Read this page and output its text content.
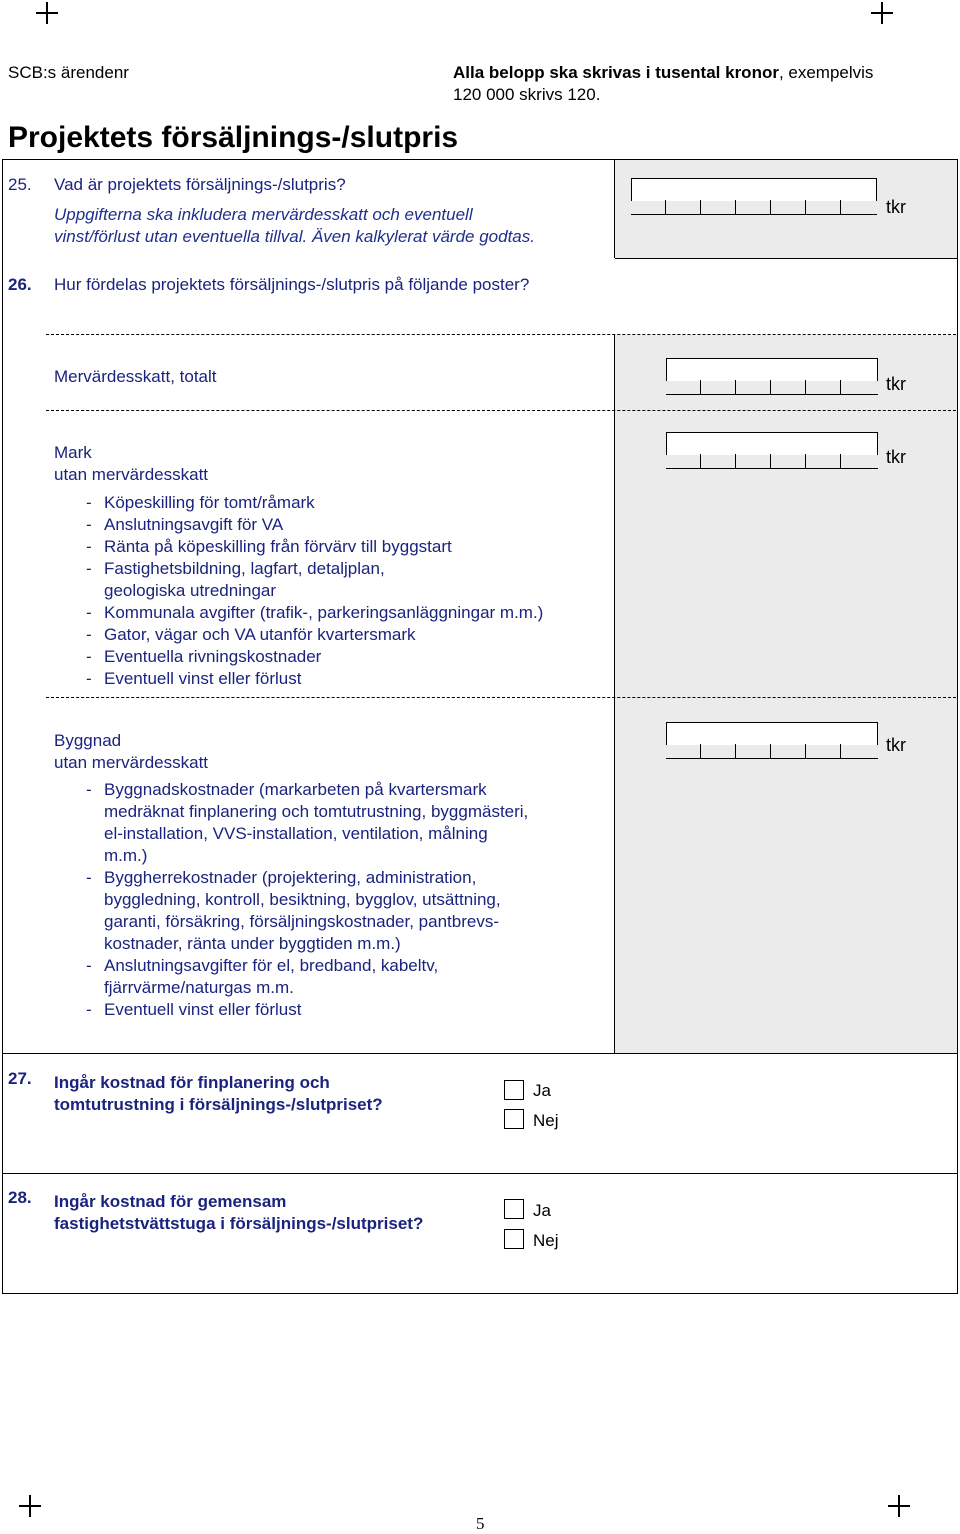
SCB:s ärendenr	Alla belopp ska skrivas i tusental kronor, exempelvis
120 000 skrivs 120.
Projektets försäljnings-/slutpris
25. Vad är projektets försäljnings-/slutpris?
Uppgifterna ska inkludera mervärdesskatt och eventuell
vinst/förlust utan eventuella tillval. Även kalkylerat värde godtas.
tkr
26. Hur fördelas projektets försäljnings-/slutpris på följande poster?
Mervärdesskatt, totalt	tkr
Mark
utan mervärdesskatt
tkr
- Köpeskilling för tomt/råmark
- Anslutningsavgift för VA
- Ränta på köpeskilling från förvärv till byggstart
- Fastighetsbildning, lagfart, detaljplan, geologiska utredningar
- Kommunala avgifter (trafik-, parkeringsanläggningar m.m.)
- Gator, vägar och VA utanför kvartersmark
- Eventuella rivningskostnader
- Eventuell vinst eller förlust
Byggnad
utan mervärdesskatt
tkr
- Byggnadskostnader (markarbeten på kvartersmark medräknat finplanering och tomtutrustning, byggmästeri, el-installation, VVS-installation, ventilation, målning m.m.)
- Byggherrekostnader (projektering, administration, byggledning, kontroll, besiktning, bygglov, utsättning, garanti, försäkring, försäljningskostnader, pantbrevs- kostnader, ränta under byggtiden m.m.)
- Anslutningsavgifter för el, bredband, kabeltv, fjärrvärme/naturgas m.m.
- Eventuell vinst eller förlust
27. Ingår kostnad för finplanering och
tomtutrustning i försäljnings-/slutpriset?
Ja
Nej
28. Ingår kostnad för gemensam
fastighetstvättstuga i försäljnings-/slutpriset?
Ja
Nej
5
